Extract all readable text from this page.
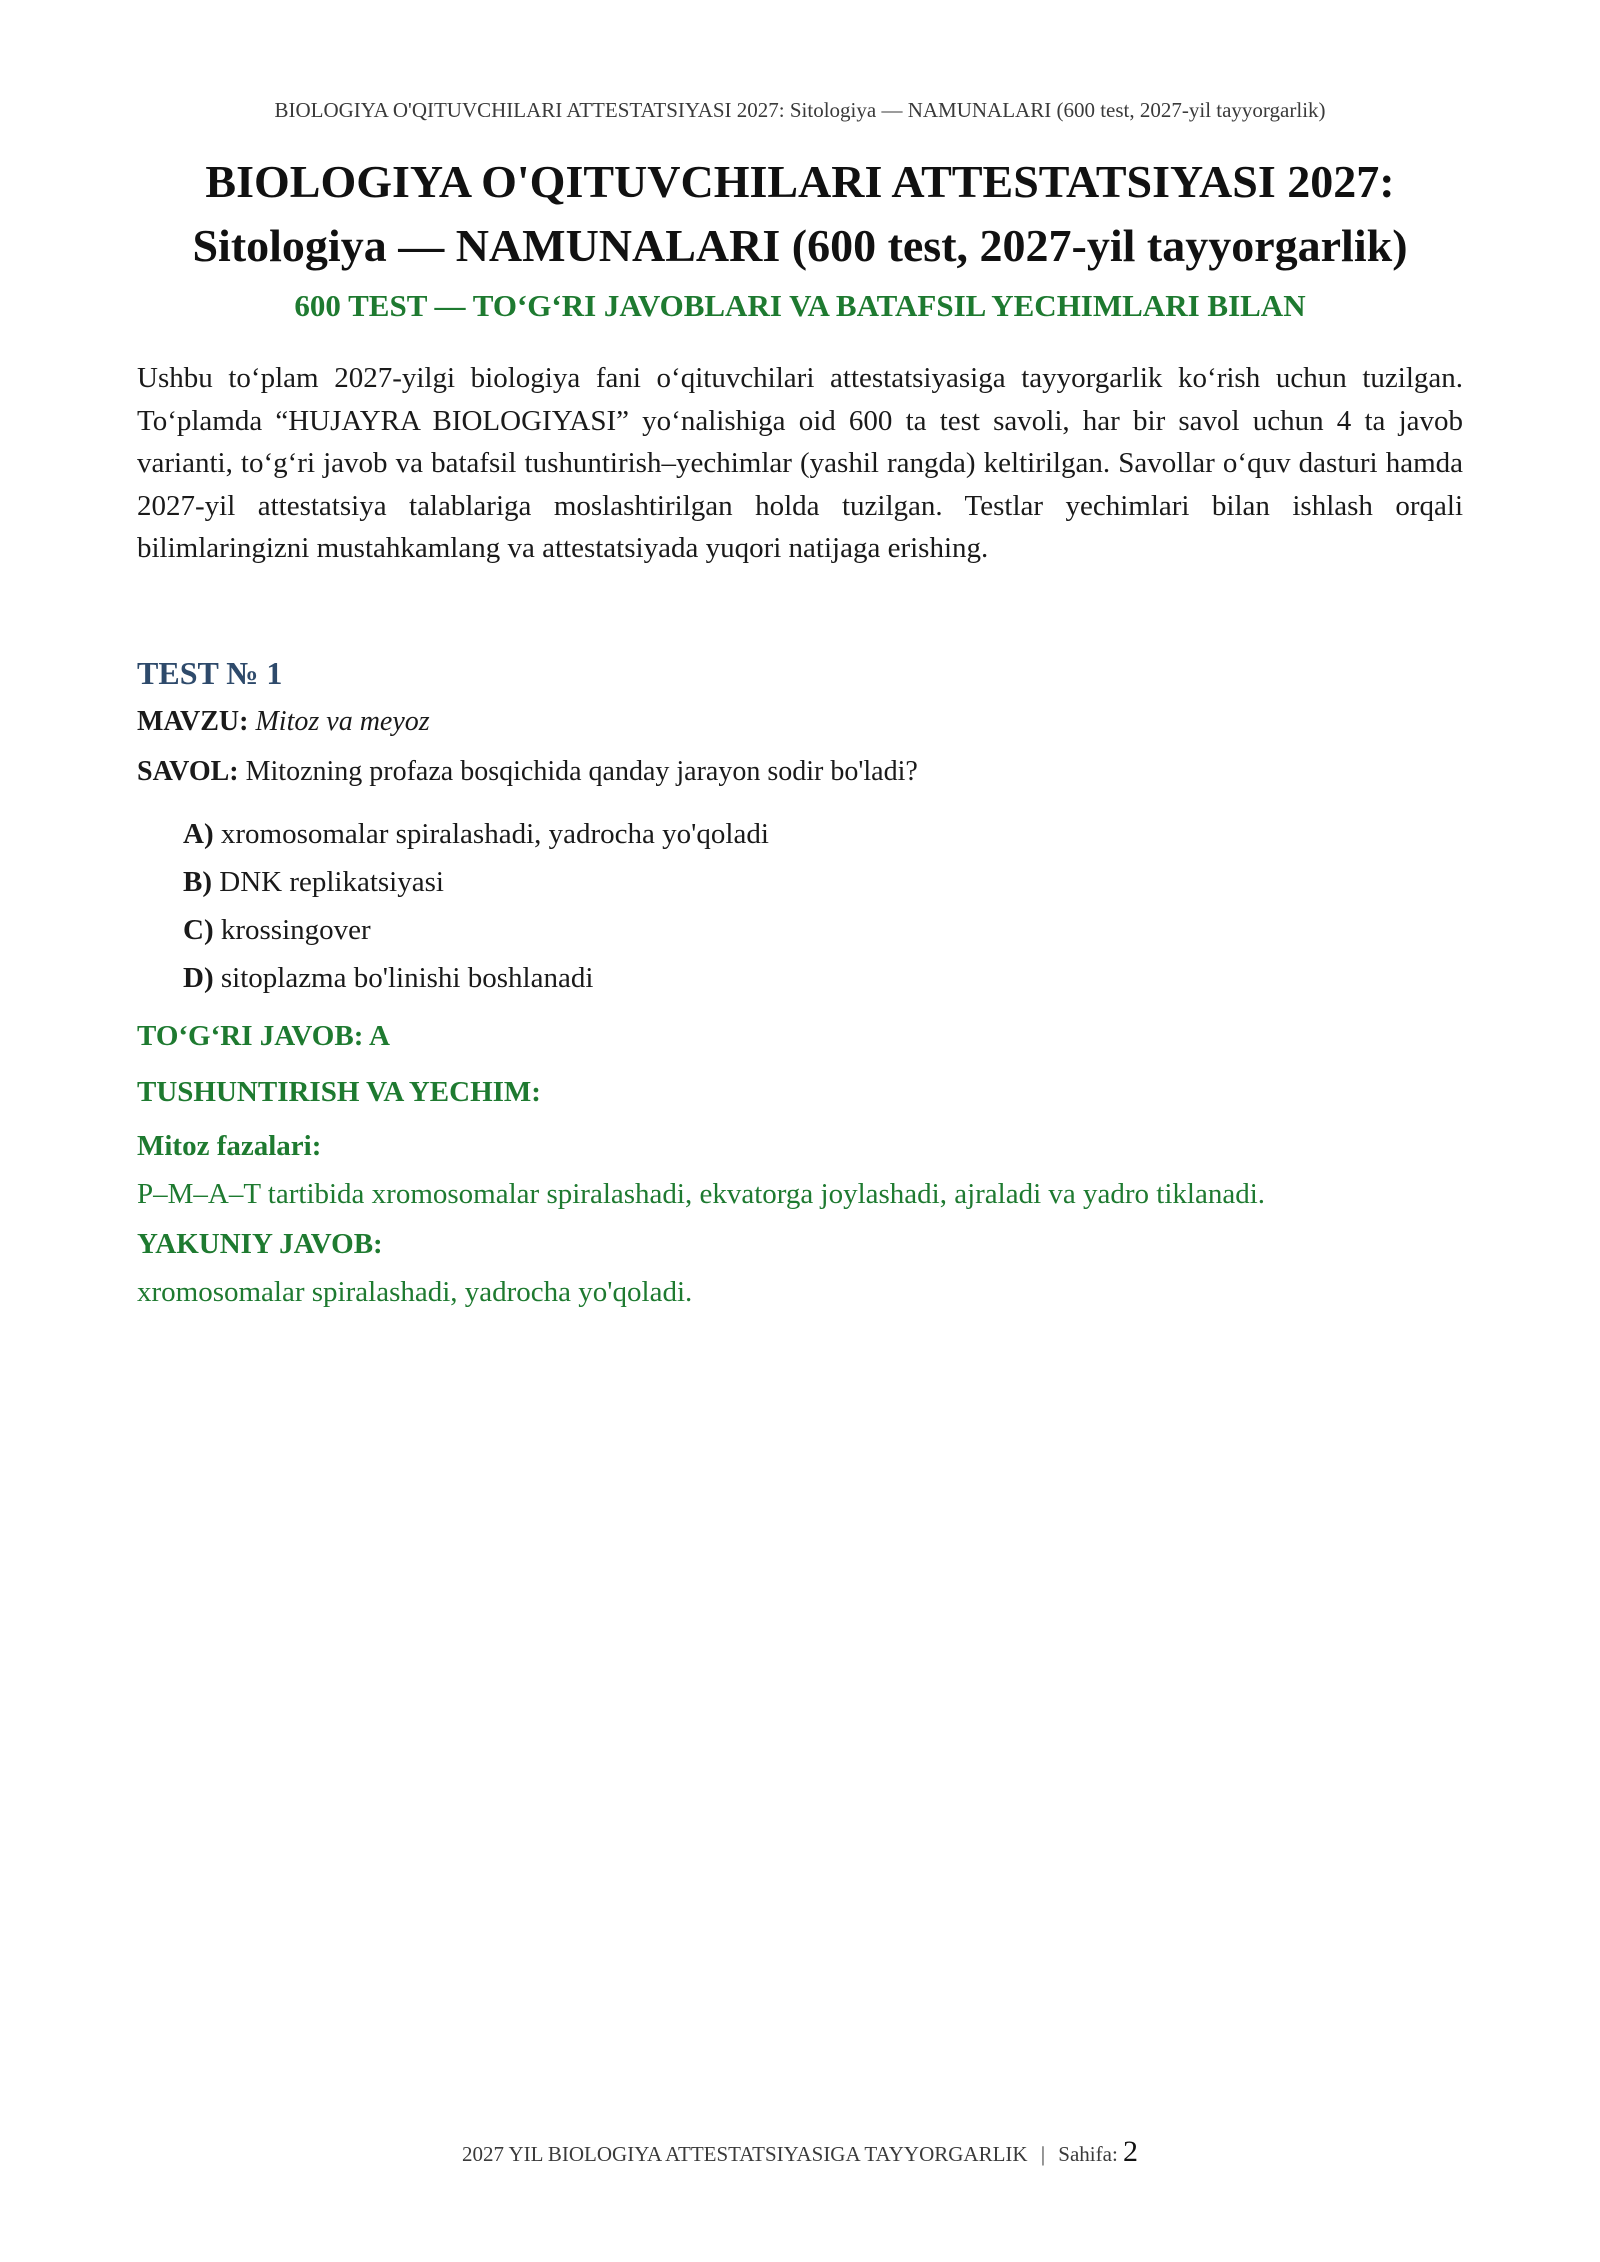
BIOLOGIYA O'QITUVCHILARI ATTESTATSIYASI 2027: Sitologiya — NAMUNALARI (600 test, 2027-yil tayyorgarlik)
BIOLOGIYA O'QITUVCHILARI ATTESTATSIYASI 2027:
Sitologiya — NAMUNALARI (600 test, 2027-yil tayyorgarlik)
600 TEST — TO‘G‘RI JAVOBLARI VA BATAFSIL YECHIMLARI BILAN
Ushbu to‘plam 2027-yilgi biologiya fani o‘qituvchilari attestatsiyasiga tayyorgarlik ko‘rish uchun tuzilgan. To‘plamda “HUJAYRA BIOLOGIYASI” yo‘nalishiga oid 600 ta test savoli, har bir savol uchun 4 ta javob varianti, to‘g‘ri javob va batafsil tushuntirish–yechimlar (yashil rangda) keltirilgan. Savollar o‘quv dasturi hamda 2027-yil attestatsiya talablariga moslashtirilgan holda tuzilgan. Testlar yechimlari bilan ishlash orqali bilimlaringizni mustahkamlang va attestatsiyada yuqori natijaga erishing.
TEST № 1

MAVZU: Mitoz va meyoz

SAVOL: Mitozning profaza bosqichida qanday jarayon sodir bo'ladi?

A) xromosomalar spiralashadi, yadrocha yo'qoladi
B) DNK replikatsiyasi
C) krossingover
D) sitoplazma bo'linishi boshlanadi

TO‘G‘RI JAVOB: A

TUSHUNTIRISH VA YECHIM:

Mitoz fazalari:

P–M–A–T tartibida xromosomalar spiralashadi, ekvatorga joylashadi, ajraladi va yadro tiklanadi.

YAKUNIY JAVOB:

xromosomalar spiralashadi, yadrocha yo'qoladi.

2027 YIL BIOLOGIYA ATTESTATSIYASIGA TAYYORGARLIK | Sahifa: 2
